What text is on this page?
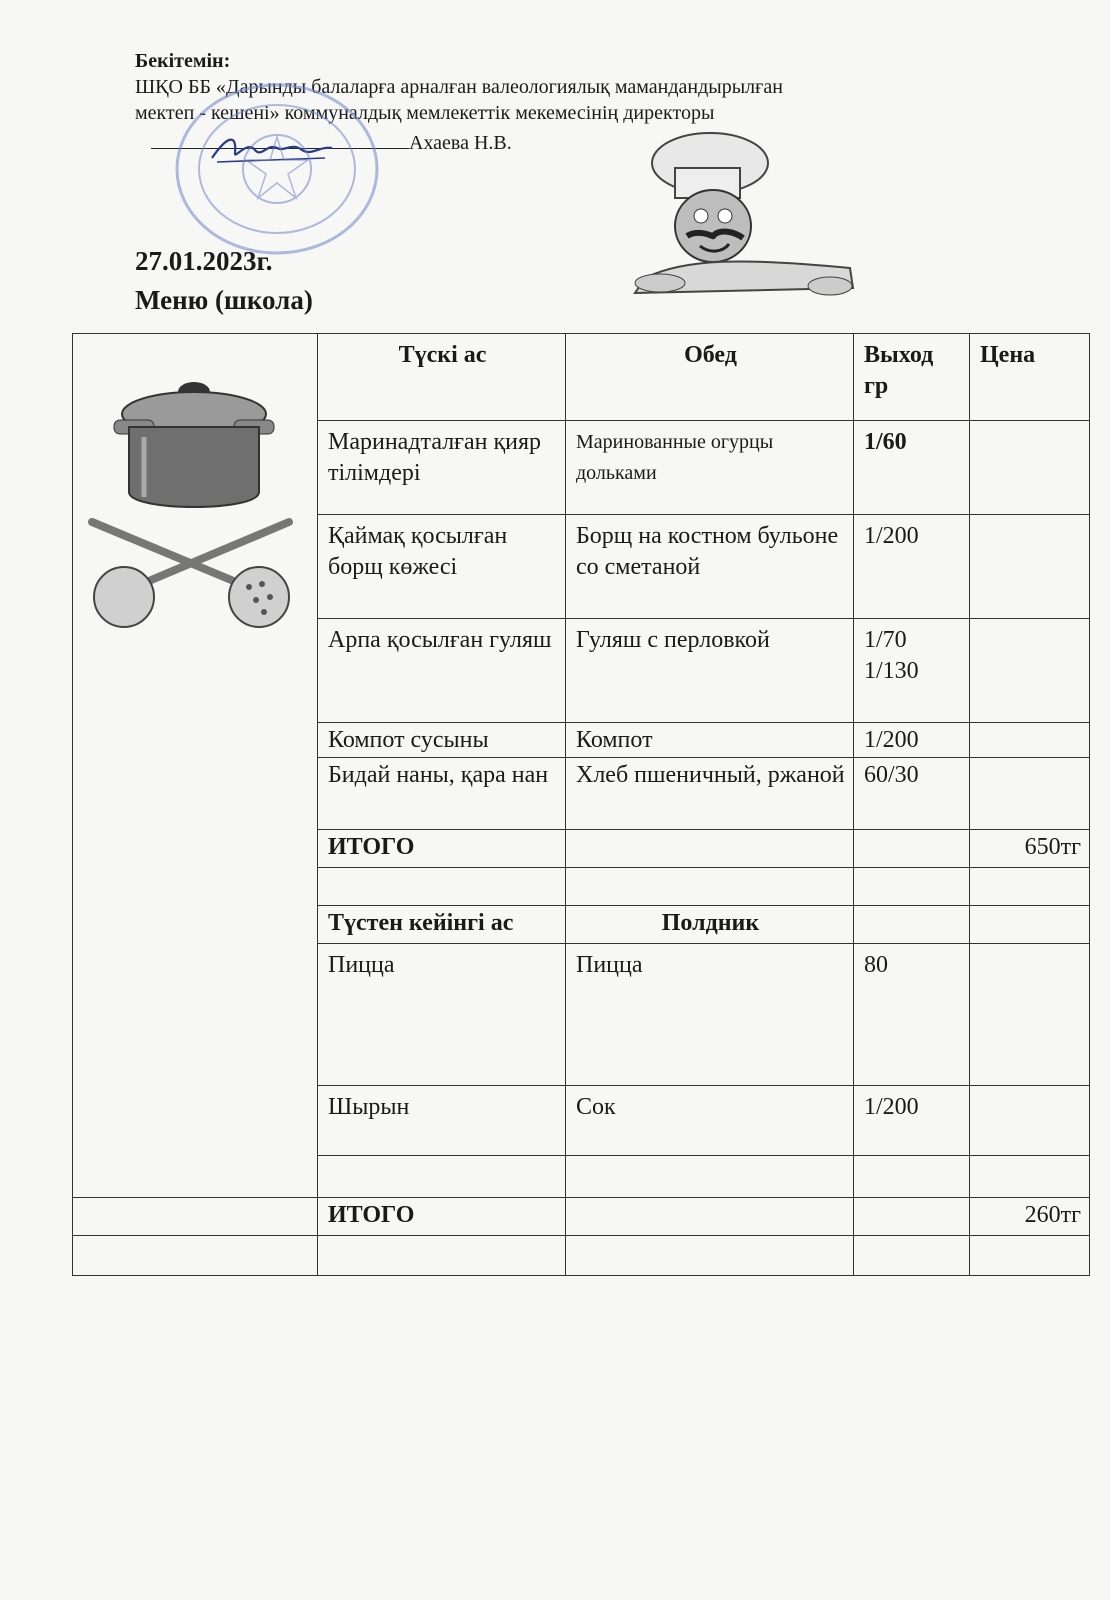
Бекітемін:
ШҚО ББ «Дарынды балаларға арналған валеологиялық мамандандырылған
мектеп - кешені» коммуналдық мемлекеттік мекемесінің директоры
Ахаева Н.В.
27.01.2023г.
Меню (школа)
	Түскі ас	Обед	Выход гр	Цена
	Маринадталған қияр тілімдері	Маринованные огурцы дольками	1/60	
	Қаймақ қосылған борщ көжесі	Борщ на костном бульоне со сметаной	1/200	
	Арпа қосылған гуляш	Гуляш с перловкой	1/70
1/130	
	Компот сусыны	Компот	1/200	
	Бидай наны, қара нан	Хлеб пшеничный, ржаной	60/30	
	ИТОГО			650тг

	Түстен кейінгі ас	Полдник		
	Пицца	Пицца	80	
	Шырын	Сок	1/200	

	ИТОГО			260тг
